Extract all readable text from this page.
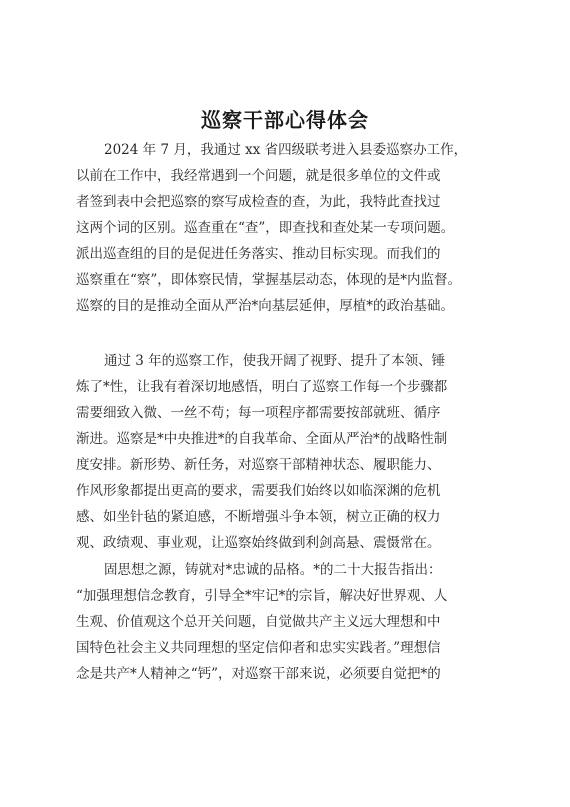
巡察干部心得体会
2024 年 7 月，我通过 xx 省四级联考进入县委巡察办工作，
以前在工作中，我经常遇到一个问题，就是很多单位的文件或
者签到表中会把巡察的察写成检查的查，为此，我特此查找过
这两个词的区别。巡查重在“查”，即查找和查处某一专项问题。
派出巡查组的目的是促进任务落实、推动目标实现。而我们的
巡察重在“察”，即体察民情，掌握基层动态，体现的是*内监督。
巡察的目的是推动全面从严治*向基层延伸，厚植*的政治基础。
通过 3 年的巡察工作，使我开阔了视野、提升了本领、锤
炼了*性，让我有着深切地感悟，明白了巡察工作每一个步骤都
需要细致入微、一丝不苟；每一项程序都需要按部就班、循序
渐进。巡察是*中央推进*的自我革命、全面从严治*的战略性制
度安排。新形势、新任务，对巡察干部精神状态、履职能力、
作风形象都提出更高的要求，需要我们始终以如临深渊的危机
感、如坐针毡的紧迫感，不断增强斗争本领，树立正确的权力
观、政绩观、事业观，让巡察始终做到利剑高悬、震慑常在。
固思想之源，铸就对*忠诚的品格。*的二十大报告指出：
“加强理想信念教育，引导全*牢记*的宗旨，解决好世界观、人
生观、价值观这个总开关问题，自觉做共产主义远大理想和中
国特色社会主义共同理想的坚定信仰者和忠实实践者。”理想信
念是共产*人精神之“钙”，对巡察干部来说，必须要自觉把*的
